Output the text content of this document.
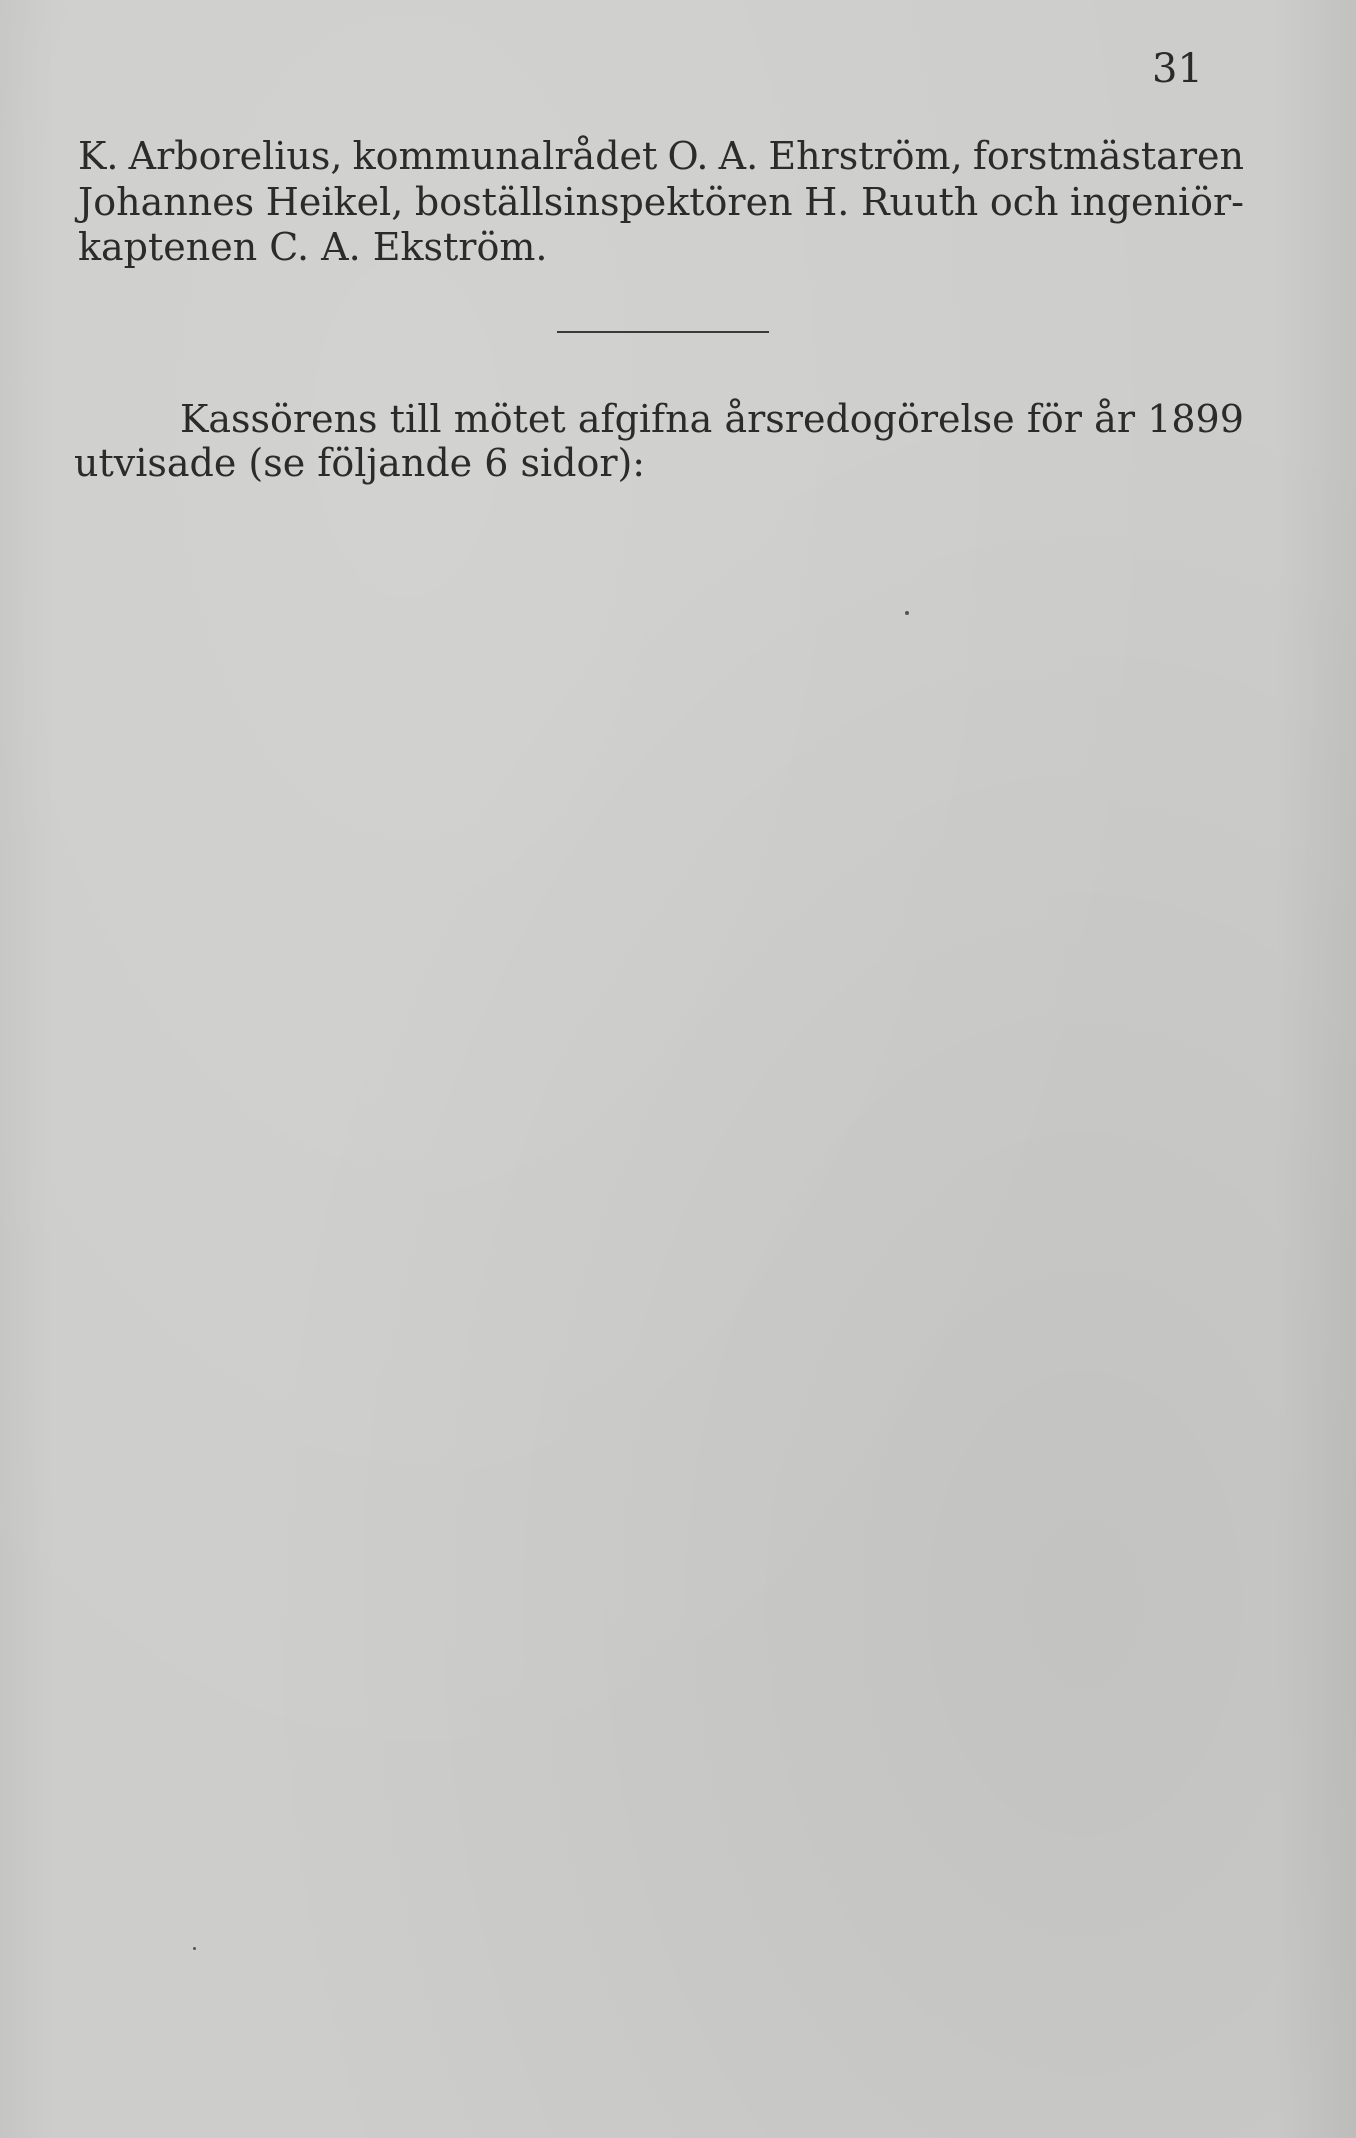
31
K. Arborelius, kommunalrådet O. A. Ehrström, forstmästaren
Johannes Heikel, boställsinspektören H. Ruuth och ingeniör-
kaptenen C. A. Ekström.
Kassörens till mötet afgifna årsredogörelse för år 1899
utvisade (se följande 6 sidor):
